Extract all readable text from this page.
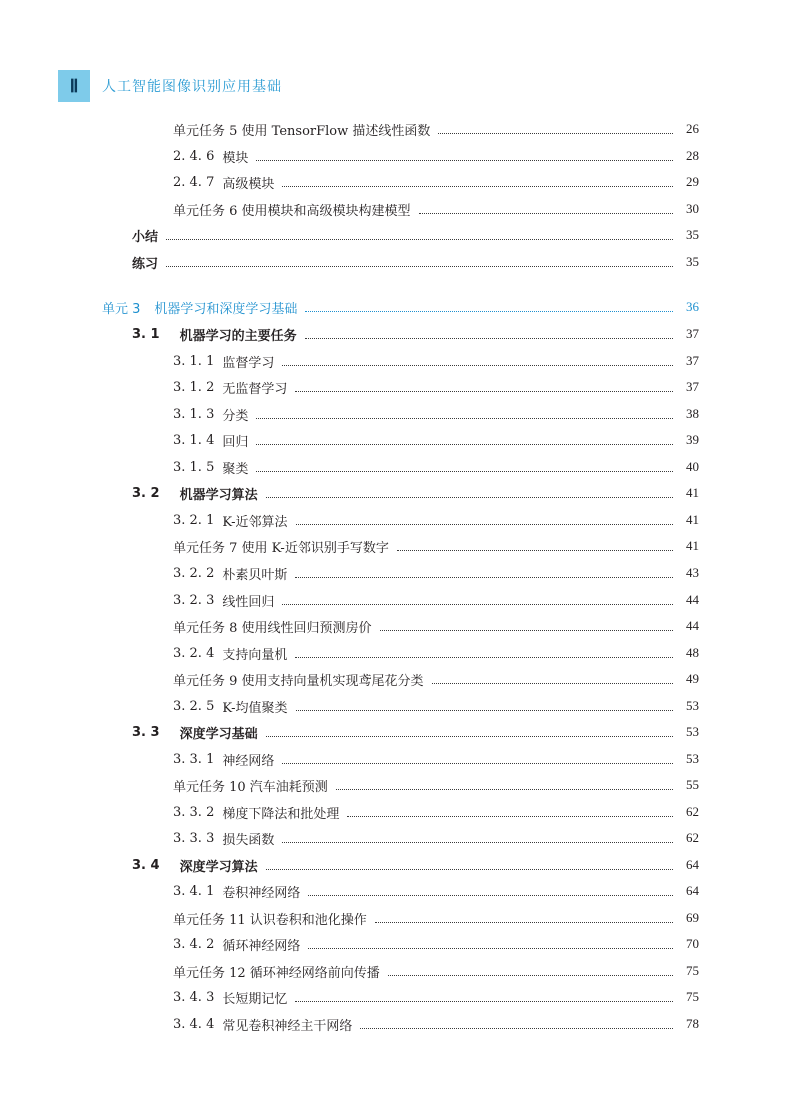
Ⅱ	人工智能图像识别应用基础
单元任务 5 使用 TensorFlow 描述线性函数	26
2. 4. 6 模块	28
2. 4. 7 高级模块	29
单元任务 6 使用模块和高级模块构建模型	30
小结	35
练习	35
单元 3 机器学习和深度学习基础	36
3. 1 机器学习的主要任务	37
3. 1. 1 监督学习	37
3. 1. 2 无监督学习	37
3. 1. 3 分类	38
3. 1. 4 回归	39
3. 1. 5 聚类	40
3. 2 机器学习算法	41
3. 2. 1 K-近邻算法	41
单元任务 7 使用 K-近邻识别手写数字	41
3. 2. 2 朴素贝叶斯	43
3. 2. 3 线性回归	44
单元任务 8 使用线性回归预测房价	44
3. 2. 4 支持向量机	48
单元任务 9 使用支持向量机实现鸢尾花分类	49
3. 2. 5 K-均值聚类	53
3. 3 深度学习基础	53
3. 3. 1 神经网络	53
单元任务 10 汽车油耗预测	55
3. 3. 2 梯度下降法和批处理	62
3. 3. 3 损失函数	62
3. 4 深度学习算法	64
3. 4. 1 卷积神经网络	64
单元任务 11 认识卷积和池化操作	69
3. 4. 2 循环神经网络	70
单元任务 12 循环神经网络前向传播	75
3. 4. 3 长短期记忆	75
3. 4. 4 常见卷积神经主干网络	78
